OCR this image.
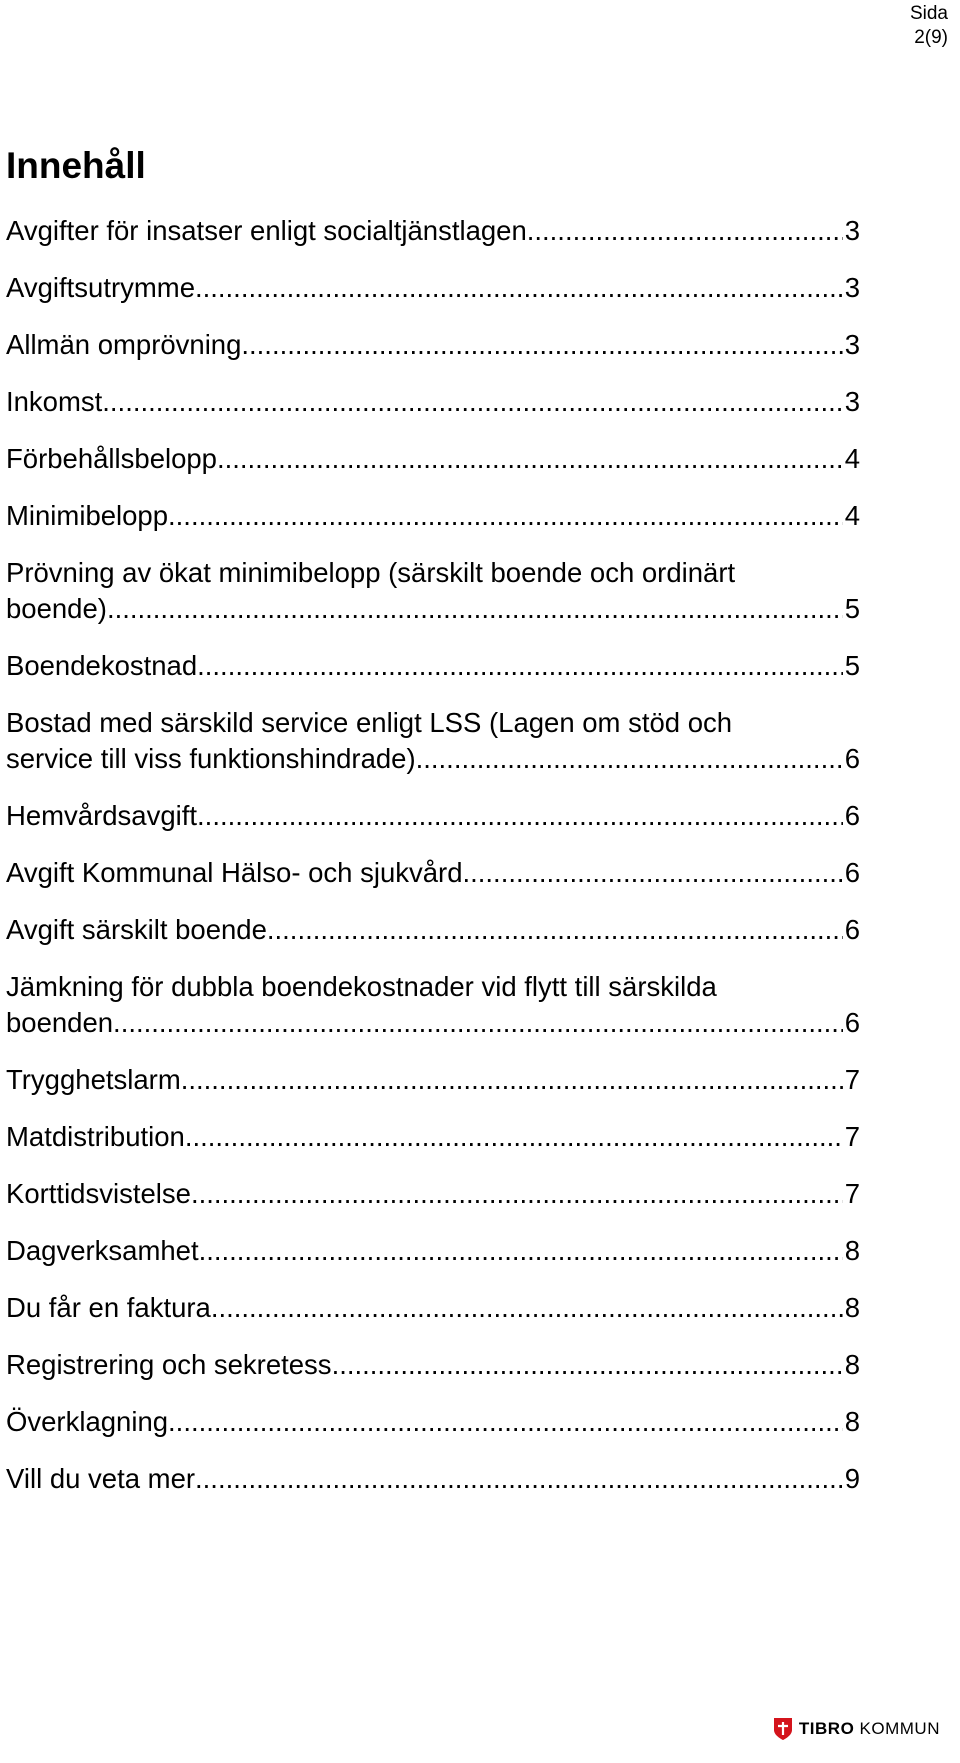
Sida
2(9)
Innehåll
Avgifter för insatser enligt socialtjänstlagen .....	3
Avgiftsutrymme .....	3
Allmän omprövning .....	3
Inkomst .....	3
Förbehållsbelopp .....	4
Minimibelopp .....	4
Prövning av ökat minimibelopp (särskilt boende och ordinärt
boende) .....	5
Boendekostnad .....	5
Bostad med särskild service enligt LSS (Lagen om stöd och
service till viss funktionshindrade) .....	6
Hemvårdsavgift .....	6
Avgift Kommunal Hälso- och sjukvård .....	6
Avgift särskilt boende .....	6
Jämkning för dubbla boendekostnader vid flytt till särskilda
boenden. .....	6
Trygghetslarm .....	7
Matdistribution .....	7
Korttidsvistelse .....	7
Dagverksamhet .....	8
Du får en faktura .....	8
Registrering och sekretess .....	8
Överklagning .....	8
Vill du veta mer .....	9
TIBRO KOMMUN
